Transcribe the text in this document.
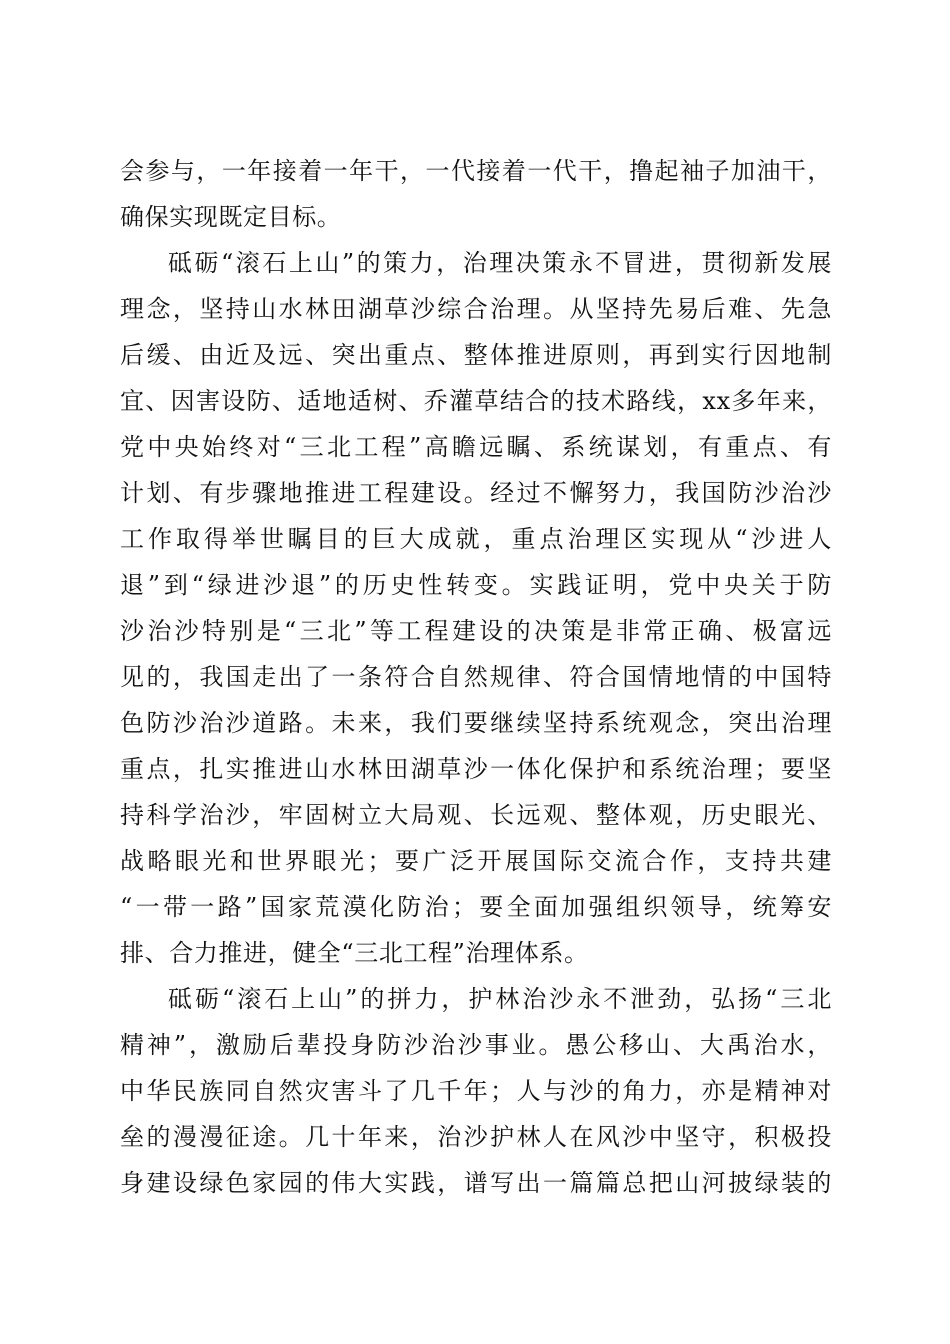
会参与，一年接着一年干，一代接着一代干，撸起袖子加油干，
确保实现既定目标。
砥砺“滚石上山”的策力，治理决策永不冒进，贯彻新发展
理念，坚持山水林田湖草沙综合治理。从坚持先易后难、先急
后缓、由近及远、突出重点、整体推进原则，再到实行因地制
宜、因害设防、适地适树、乔灌草结合的技术路线，xx多年来，
党中央始终对“三北工程”高瞻远瞩、系统谋划，有重点、有
计划、有步骤地推进工程建设。经过不懈努力，我国防沙治沙
工作取得举世瞩目的巨大成就，重点治理区实现从“沙进人
退”到“绿进沙退”的历史性转变。实践证明，党中央关于防
沙治沙特别是“三北”等工程建设的决策是非常正确、极富远
见的，我国走出了一条符合自然规律、符合国情地情的中国特
色防沙治沙道路。未来，我们要继续坚持系统观念，突出治理
重点，扎实推进山水林田湖草沙一体化保护和系统治理；要坚
持科学治沙，牢固树立大局观、长远观、整体观，历史眼光、
战略眼光和世界眼光；要广泛开展国际交流合作，支持共建
“一带一路”国家荒漠化防治；要全面加强组织领导，统筹安
排、合力推进，健全“三北工程”治理体系。
砥砺“滚石上山”的拼力，护林治沙永不泄劲，弘扬“三北
精神”，激励后辈投身防沙治沙事业。愚公移山、大禹治水，
中华民族同自然灾害斗了几千年；人与沙的角力，亦是精神对
垒的漫漫征途。几十年来，治沙护林人在风沙中坚守，积极投
身建设绿色家园的伟大实践，谱写出一篇篇总把山河披绿装的
